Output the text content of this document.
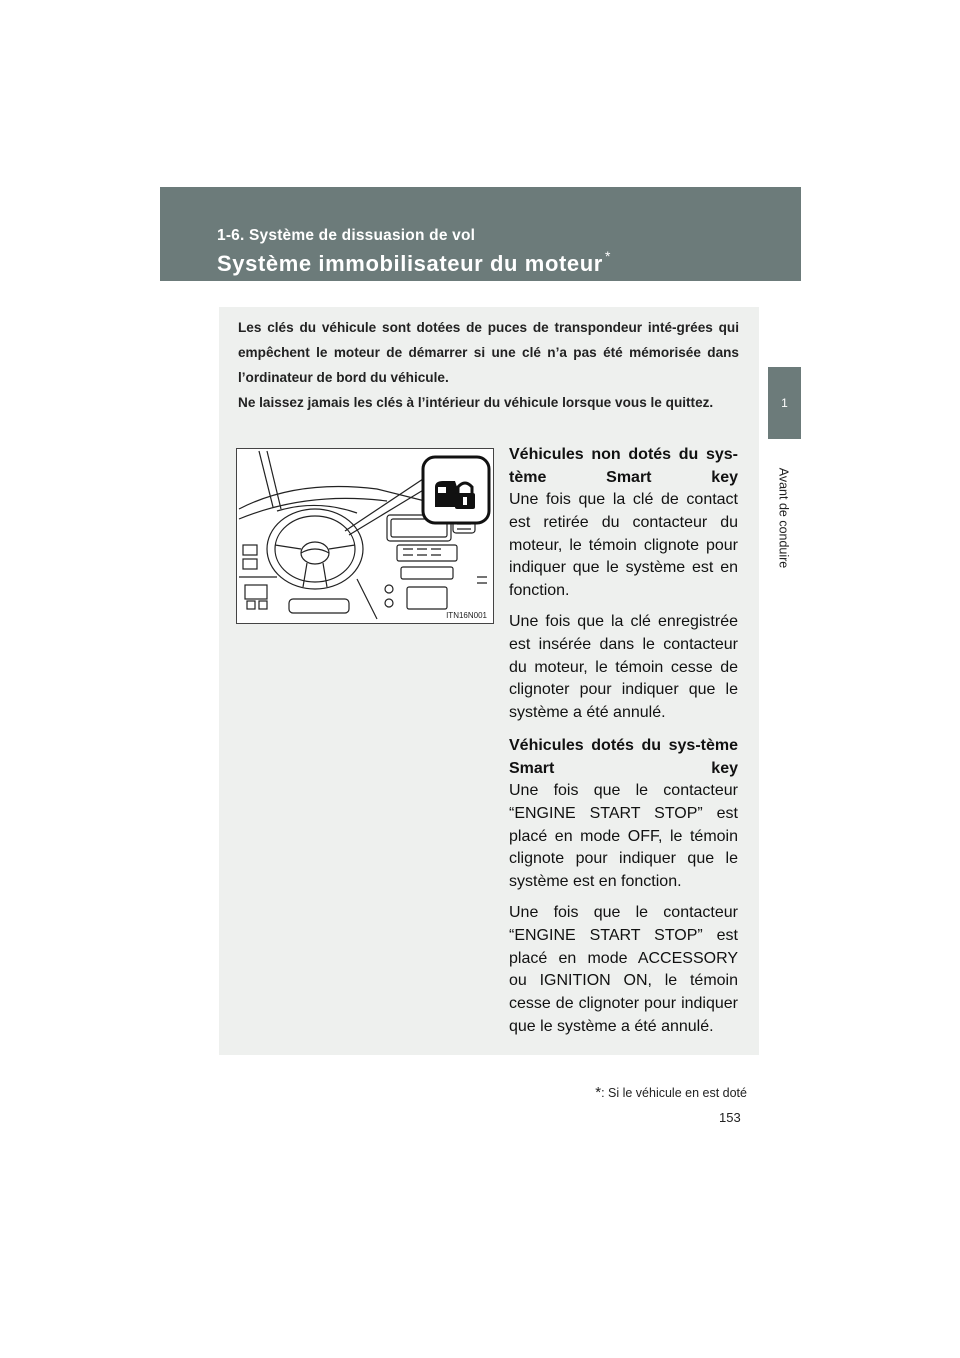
1-6. Système de dissuasion de vol
Système immobilisateur du moteur *
1
Avant de conduire

Les clés du véhicule sont dotées de puces de transpondeur inté-grées qui empêchent le moteur de démarrer si une clé n’a pas été mémorisée dans l’ordinateur de bord du véhicule.

Ne laissez jamais les clés à l’intérieur du véhicule lorsque vous le quittez.

ITN16N001

Véhicules non dotés du sys-tème Smart key

Une fois que la clé de contact est retirée du contacteur du moteur, le témoin clignote pour indiquer que le système est en fonction.

Une fois que la clé enregistrée est insérée dans le contacteur du moteur, le témoin cesse de clignoter pour indiquer que le système a été annulé.

Véhicules dotés du sys-tème Smart key

Une fois que le contacteur “ENGINE START STOP” est placé en mode OFF, le témoin clignote pour indiquer que le système est en fonction.

Une fois que le contacteur “ENGINE START STOP” est placé en mode ACCESSORY ou IGNITION ON, le témoin cesse de clignoter pour indiquer que le système a été annulé.

*: Si le véhicule en est doté
153
